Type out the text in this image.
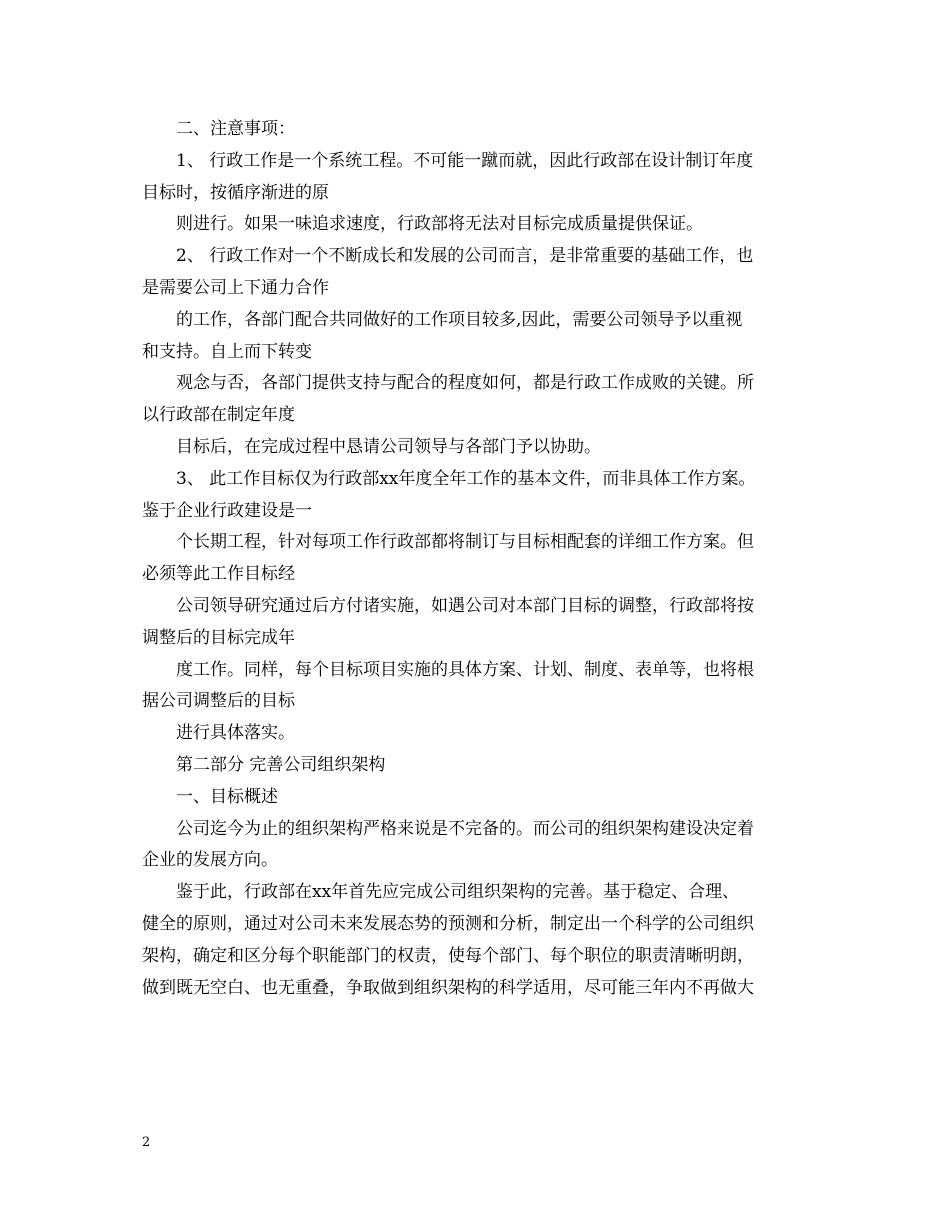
二、注意事项：
1、 行政工作是一个系统工程。不可能一蹴而就，因此行政部在设计制订年度
目标时，按循序渐进的原
则进行。如果一味追求速度，行政部将无法对目标完成质量提供保证。
2、 行政工作对一个不断成长和发展的公司而言，是非常重要的基础工作，也
是需要公司上下通力合作
的工作，各部门配合共同做好的工作项目较多,因此，需要公司领导予以重视
和支持。自上而下转变
观念与否，各部门提供支持与配合的程度如何，都是行政工作成败的关键。所
以行政部在制定年度
目标后，在完成过程中恳请公司领导与各部门予以协助。
3、 此工作目标仅为行政部xx年度全年工作的基本文件，而非具体工作方案。
鉴于企业行政建设是一
个长期工程，针对每项工作行政部都将制订与目标相配套的详细工作方案。但
必须等此工作目标经
公司领导研究通过后方付诸实施，如遇公司对本部门目标的调整，行政部将按
调整后的目标完成年
度工作。同样，每个目标项目实施的具体方案、计划、制度、表单等，也将根
据公司调整后的目标
进行具体落实。
第二部分 完善公司组织架构
一、目标概述
公司迄今为止的组织架构严格来说是不完备的。而公司的组织架构建设决定着
企业的发展方向。
鉴于此，行政部在xx年首先应完成公司组织架构的完善。基于稳定、合理、
健全的原则，通过对公司未来发展态势的预测和分析，制定出一个科学的公司组织
架构，确定和区分每个职能部门的权责，使每个部门、每个职位的职责清晰明朗，
做到既无空白、也无重叠，争取做到组织架构的科学适用，尽可能三年内不再做大
2
